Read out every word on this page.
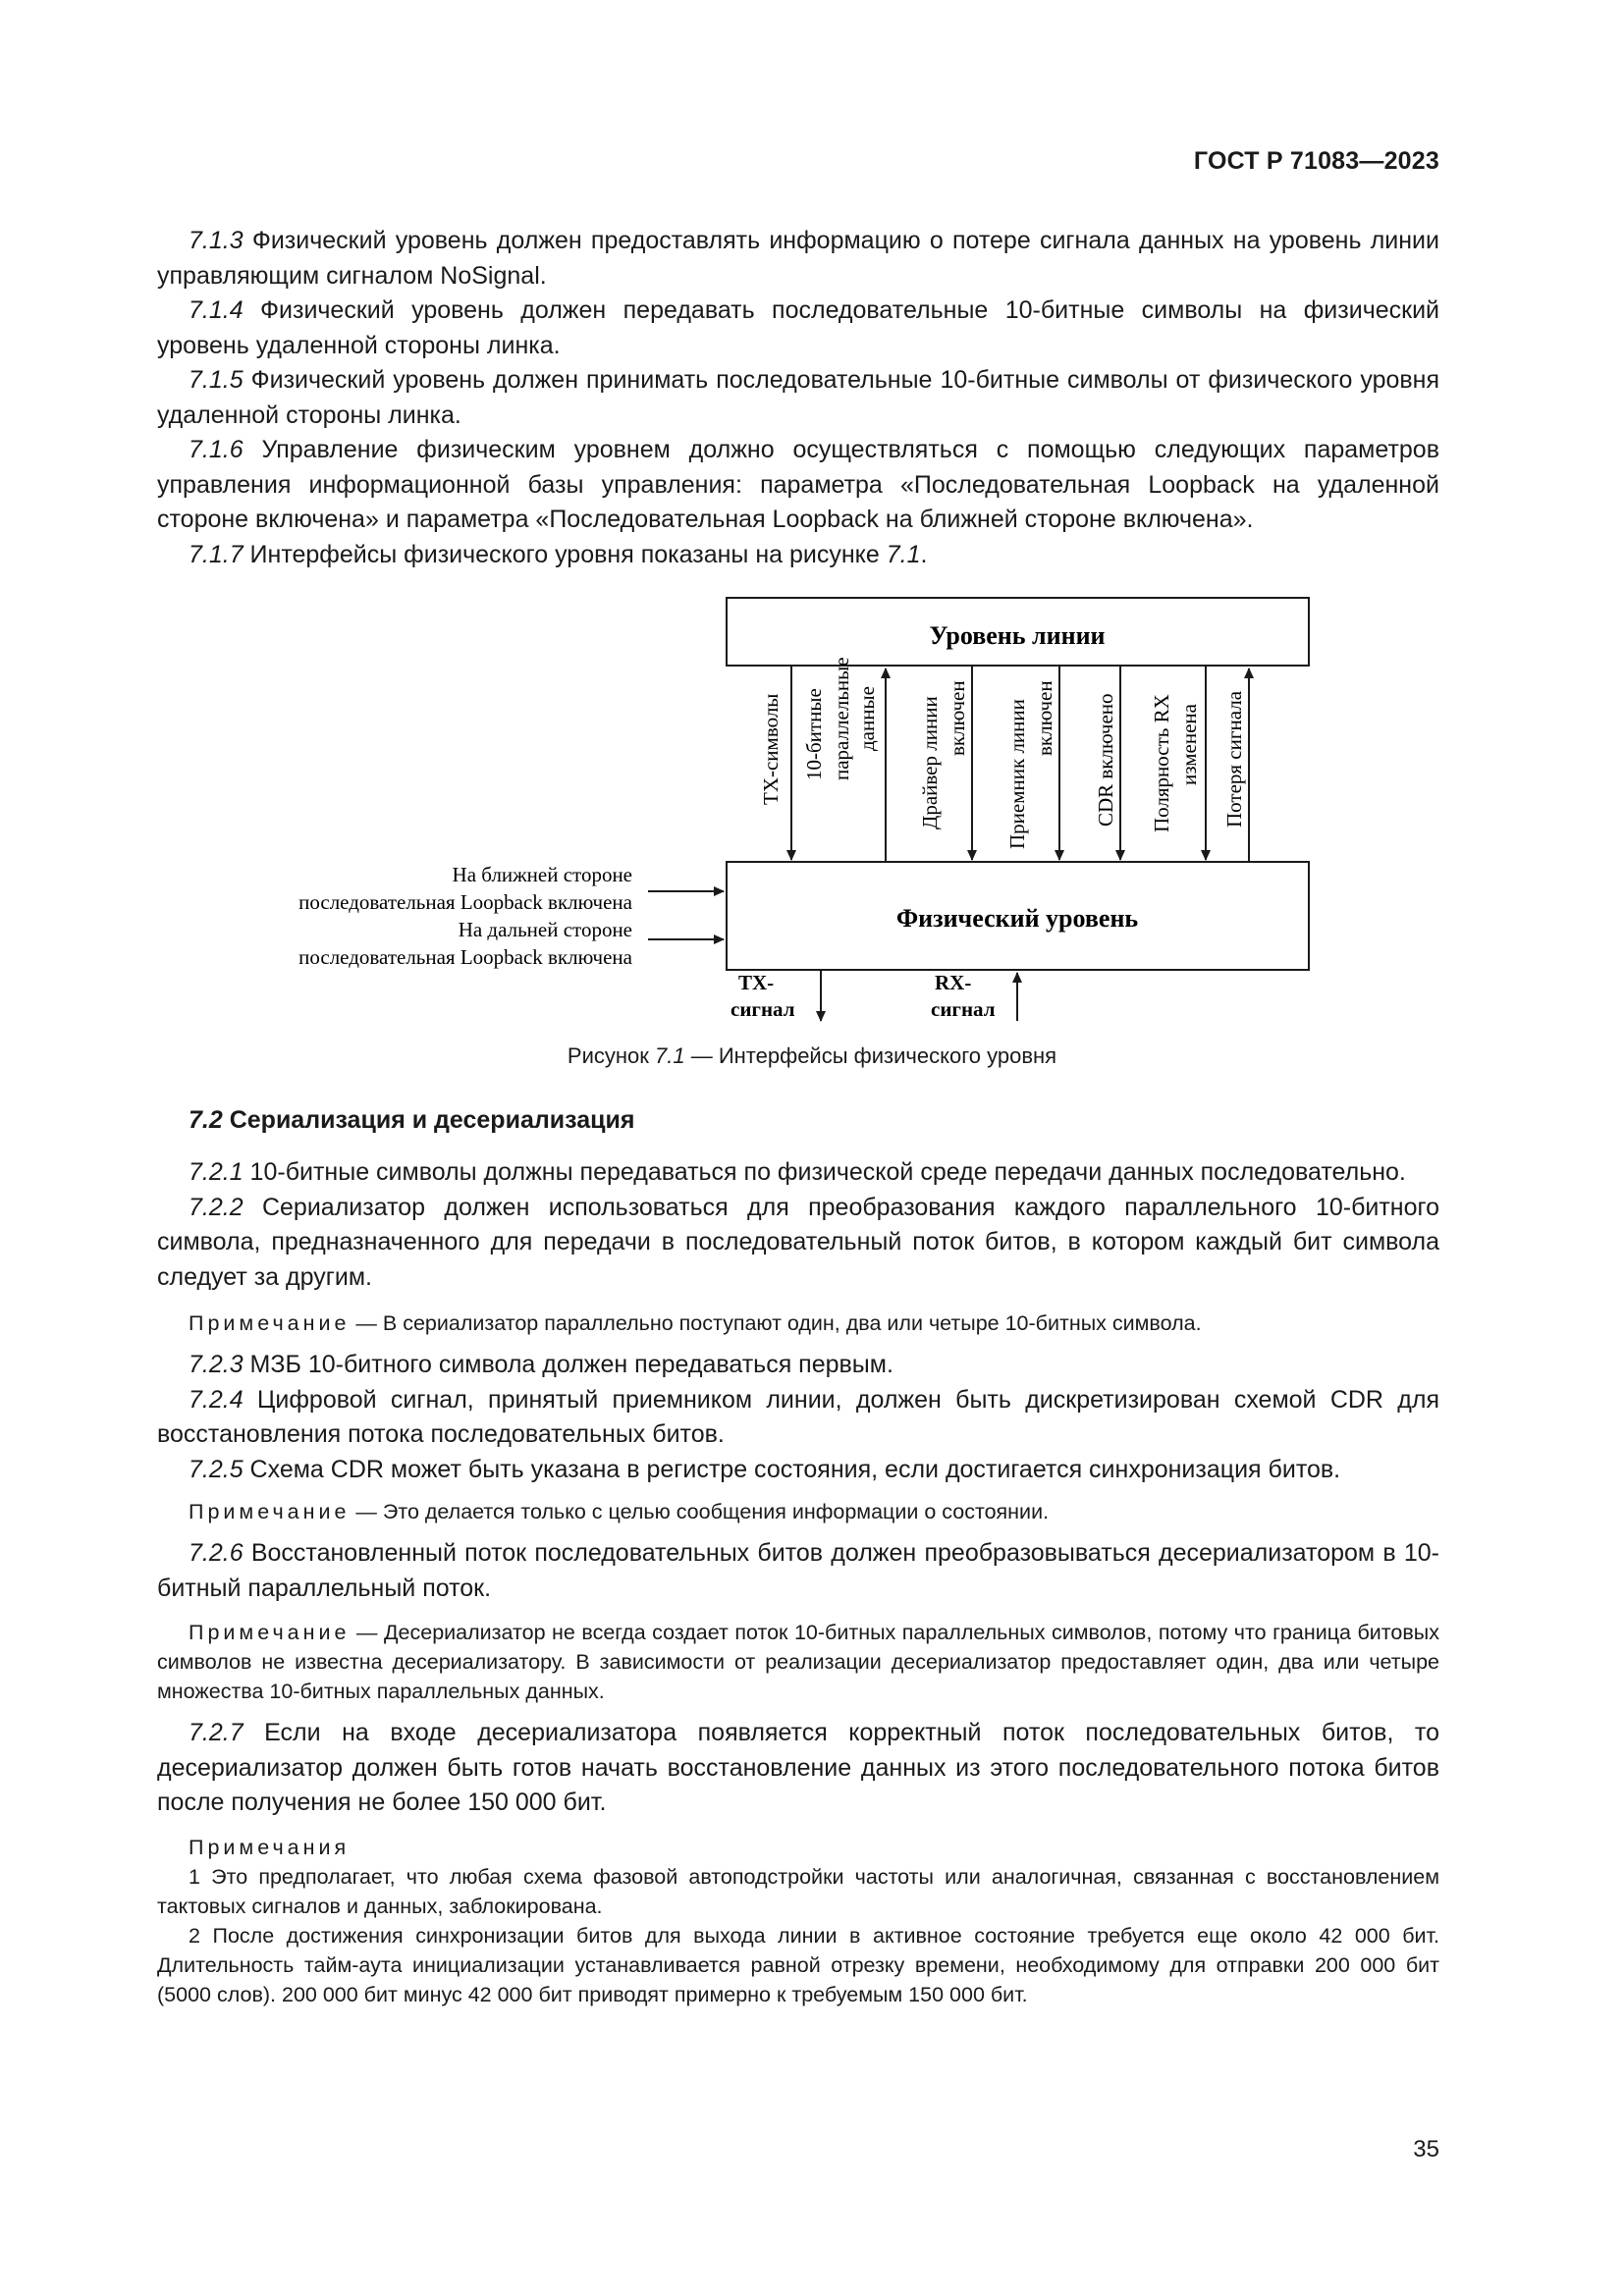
ГОСТ Р 71083—2023

7.1.3 Физический уровень должен предоставлять информацию о потере сигнала данных на уровень линии управляющим сигналом NoSignal.

7.1.4 Физический уровень должен передавать последовательные 10-битные символы на физический уровень удаленной стороны линка.

7.1.5 Физический уровень должен принимать последовательные 10-битные символы от физического уровня удаленной стороны линка.

7.1.6 Управление физическим уровнем должно осуществляться с помощью следующих параметров управления информационной базы управления: параметра «Последовательная Loopback на удаленной стороне включена» и параметра «Последовательная Loopback на ближней стороне включена».

7.1.7 Интерфейсы физического уровня показаны на рисунке 7.1.

Уровень линии
Физический уровень
TX-символы 10-битные параллельные данные Драйвер линии включен Приемник линии включен CDR включено Полярность RX изменена Потеря сигнала
На ближней стороне
последовательная Loopback включена
На дальней стороне
последовательная Loopback включена
TX-
сигнал
RX-
сигнал
Рисунок 7.1 — Интерфейсы физического уровня
7.2 Сериализация и десериализация

7.2.1 10-битные символы должны передаваться по физической среде передачи данных последовательно.

7.2.2 Сериализатор должен использоваться для преобразования каждого параллельного 10-битного символа, предназначенного для передачи в последовательный поток битов, в котором каждый бит символа следует за другим.

Примечание — В сериализатор параллельно поступают один, два или четыре 10-битных символа.

7.2.3 МЗБ 10-битного символа должен передаваться первым.

7.2.4 Цифровой сигнал, принятый приемником линии, должен быть дискретизирован схемой CDR для восстановления потока последовательных битов.

7.2.5 Схема CDR может быть указана в регистре состояния, если достигается синхронизация битов.

Примечание — Это делается только с целью сообщения информации о состоянии.

7.2.6 Восстановленный поток последовательных битов должен преобразовываться десериализатором в 10-битный параллельный поток.

Примечание — Десериализатор не всегда создает поток 10-битных параллельных символов, потому что граница битовых символов не известна десериализатору. В зависимости от реализации десериализатор предоставляет один, два или четыре множества 10-битных параллельных данных.

7.2.7 Если на входе десериализатора появляется корректный поток последовательных битов, то десериализатор должен быть готов начать восстановление данных из этого последовательного потока битов после получения не более 150 000 бит.

Примечания

1 Это предполагает, что любая схема фазовой автоподстройки частоты или аналогичная, связанная с восстановлением тактовых сигналов и данных, заблокирована.

2 После достижения синхронизации битов для выхода линии в активное состояние требуется еще около 42 000 бит. Длительность тайм-аута инициализации устанавливается равной отрезку времени, необходимому для отправки 200 000 бит (5000 слов). 200 000 бит минус 42 000 бит приводят примерно к требуемым 150 000 бит.

35
